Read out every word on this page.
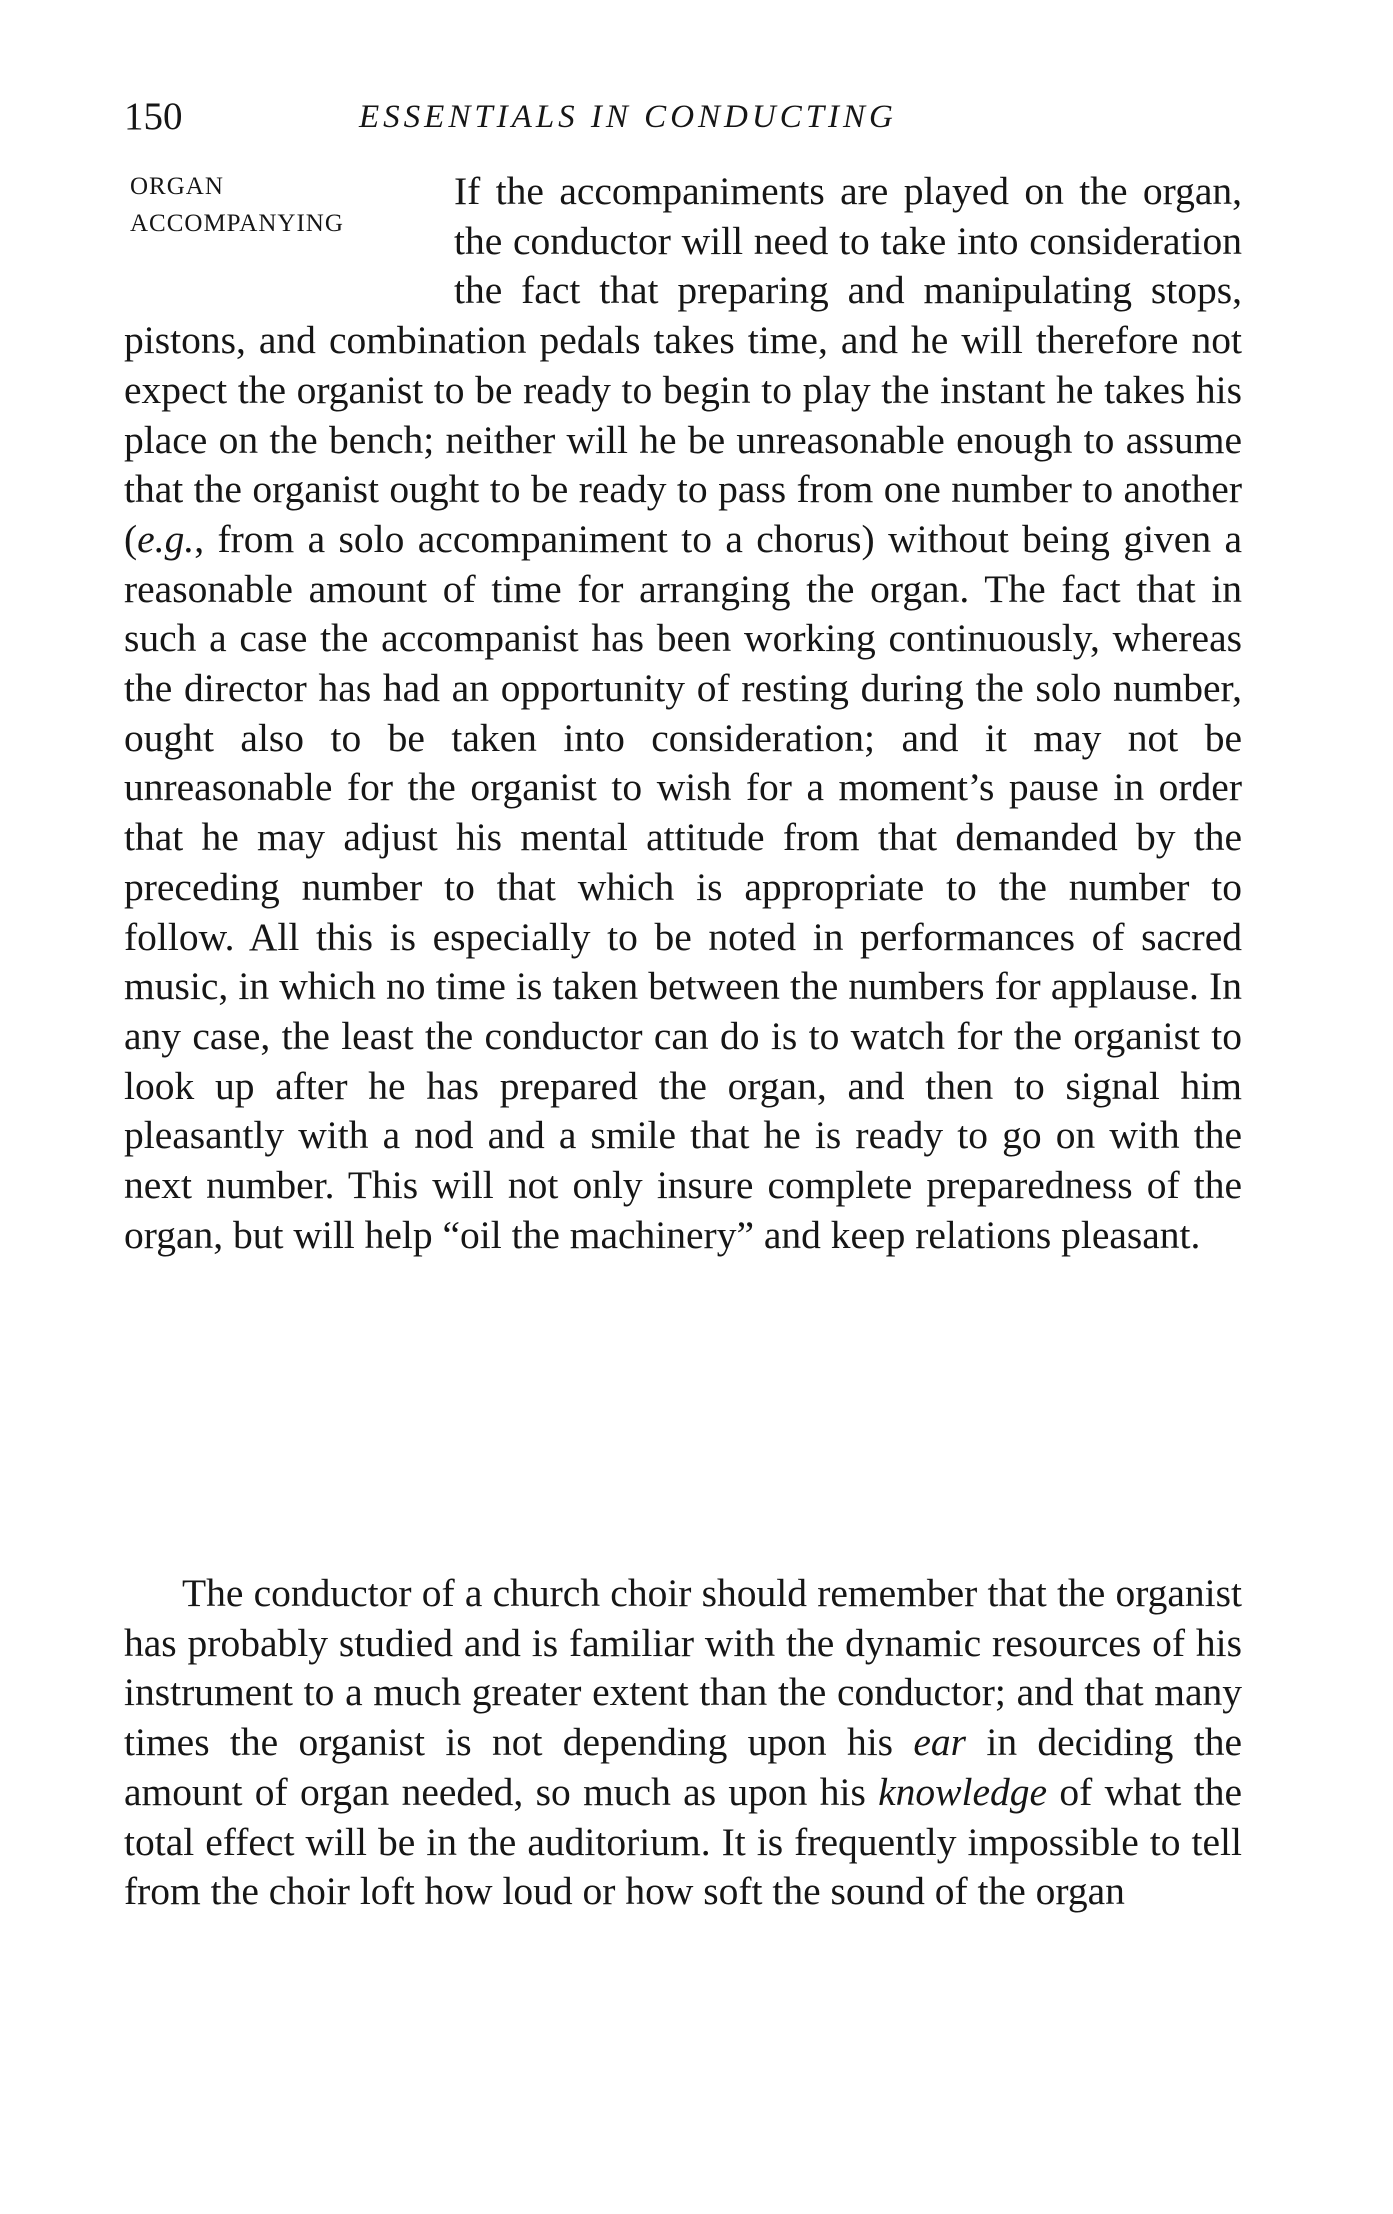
150	ESSENTIALS IN CONDUCTING
ORGAN
ACCOMPANYING
If the accompaniments are played on the organ, the conductor will need to take into consideration the fact that preparing and manipulating stops, pistons, and combination pedals takes time, and he will therefore not expect the organist to be ready to begin to play the instant he takes his place on the bench; neither will he be unreasonable enough to assume that the organist ought to be ready to pass from one number to another (e.g., from a solo accompaniment to a chorus) without being given a reasonable amount of time for arranging the organ. The fact that in such a case the accompanist has been working continuously, whereas the director has had an opportunity of resting during the solo number, ought also to be taken into consideration; and it may not be unreasonable for the organist to wish for a moment’s pause in order that he may adjust his mental attitude from that demanded by the preceding number to that which is appropriate to the number to follow. All this is especially to be noted in performances of sacred music, in which no time is taken between the numbers for applause. In any case, the least the conductor can do is to watch for the organist to look up after he has prepared the organ, and then to signal him pleasantly with a nod and a smile that he is ready to go on with the next number. This will not only insure complete preparedness of the organ, but will help “oil the machinery” and keep relations pleasant.
The conductor of a church choir should remember that the organist has probably studied and is familiar with the dynamic resources of his instrument to a much greater extent than the conductor; and that many times the organist is not depending upon his ear in deciding the amount of organ needed, so much as upon his knowledge of what the total effect will be in the auditorium. It is frequently impossible to tell from the choir loft how loud or how soft the sound of the organ
